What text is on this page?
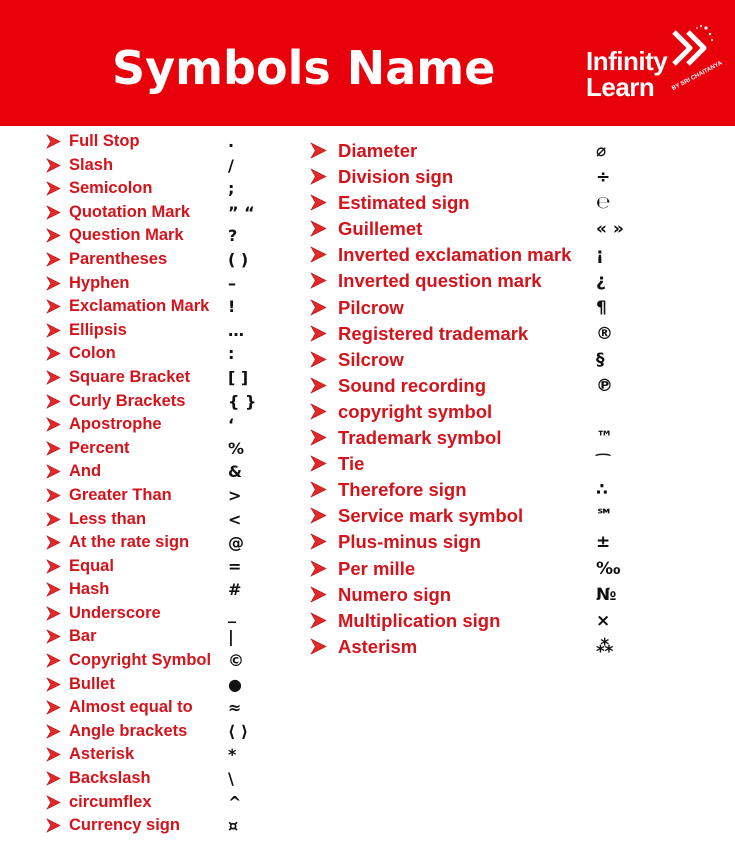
Symbols Name	Infinity
Learn	BY SRI CHAITANYA
Full Stop	.
Slash	/
Semicolon	;
Quotation Mark ” “
Question Mark	?
Parentheses	( )
Hyphen	–
Exclamation Mark !
Ellipsis	…
Colon	:
Square Bracket [ ]
Curly Brackets	{ }
Apostrophe	‘
Percent	%
And	&
Greater Than	>
Less than	<
At the rate sign @
Equal	=
Hash	#
Underscore	_
Bar	|
Copyright Symbol ©
Bullet	●
Almost equal to ≈
Angle brackets	⟨ ⟩
Asterisk	*
Backslash	\
circumflex	^
Currency sign	¤
Diameter	⌀
Division sign	÷
Estimated sign	℮
Guillemet	« »
Inverted exclamation mark ¡
Inverted question mark	¿
Pilcrow	¶
Registered trademark	®
Silcrow	§
Sound recording	℗
copyright symbol
Trademark symbol	™
Tie	⁀
Therefore sign	∴
Service mark symbol	℠
Plus-minus sign	±
Per mille	‰
Numero sign	№
Multiplication sign	×
Asterism	⁂
